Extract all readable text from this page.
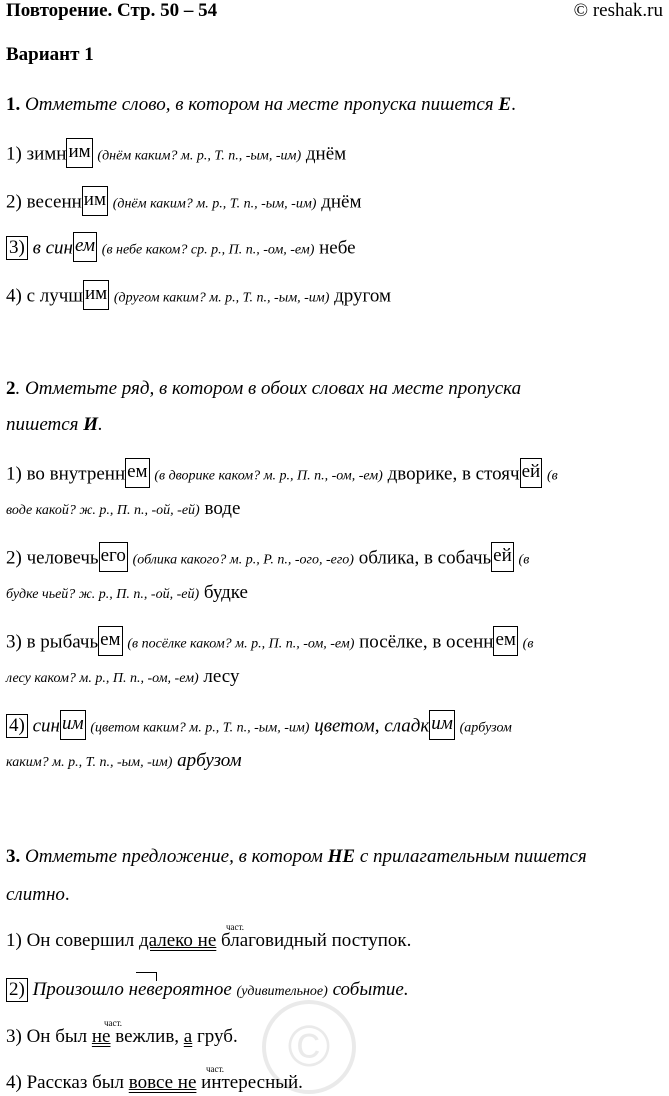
Повторение. Стр. 50 – 54	© reshak.ru
Вариант 1
1. Отметьте слово, в котором на месте пропуска пишется Е.
1) зимн им (днём каким? м. р., Т. п., -ым, -им) днём
2) весенн им (днём каким? м. р., Т. п., -ым, -им) днём
3) в син ем (в небе каком? ср. р., П. п., -ом, -ем) небе
4) с лучш им (другом каким? м. р., Т. п., -ым, -им) другом
2. Отметьте ряд, в котором в обоих словах на месте пропуска
пишется И.
1) во внутренн ем (в дворике каком? м. р., П. п., -ом, -ем) дворике, в стояч ей (в
воде какой? ж. р., П. п., -ой, -ей) воде
2) человечь его (облика какого? м. р., Р. п., -ого, -его) облика, в собачь ей (в
будке чьей? ж. р., П. п., -ой, -ей) будке
3) в рыбачь ем (в посёлке каком? м. р., П. п., -ом, -ем) посёлке, в осенн ем (в
лесу каком? м. р., П. п., -ом, -ем) лесу
4) син им (цветом каким? м. р., Т. п., -ым, -им) цветом, сладк им (арбузом
каким? м. р., Т. п., -ым, -им) арбузом
3. Отметьте предложение, в котором НЕ с прилагательным пишется
слитно.
1) Он совершил далеко не благовидный поступок.
част.
2) Произошло невероятное (удивительное) событие.
3) Он был не вежлив, а груб.
част.
4) Рассказ был вовсе не интересный.
част.	©
